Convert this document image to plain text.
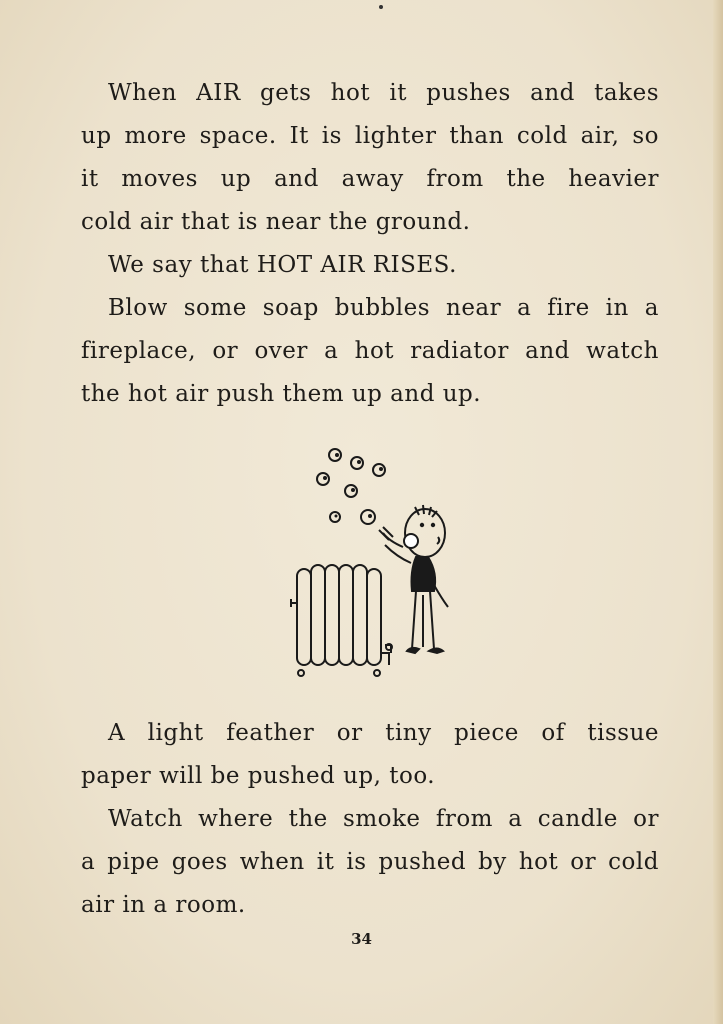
When AIR gets hot it pushes and takes
up more space. It is lighter than cold air, so
it moves up and away from the heavier
cold air that is near the ground.

We say that HOT AIR RISES.

Blow some soap bubbles near a fire in a
fireplace, or over a hot radiator and watch
the hot air push them up and up.

A light feather or tiny piece of tissue
paper will be pushed up, too.

Watch where the smoke from a candle or
a pipe goes when it is pushed by hot or cold
air in a room.

34
